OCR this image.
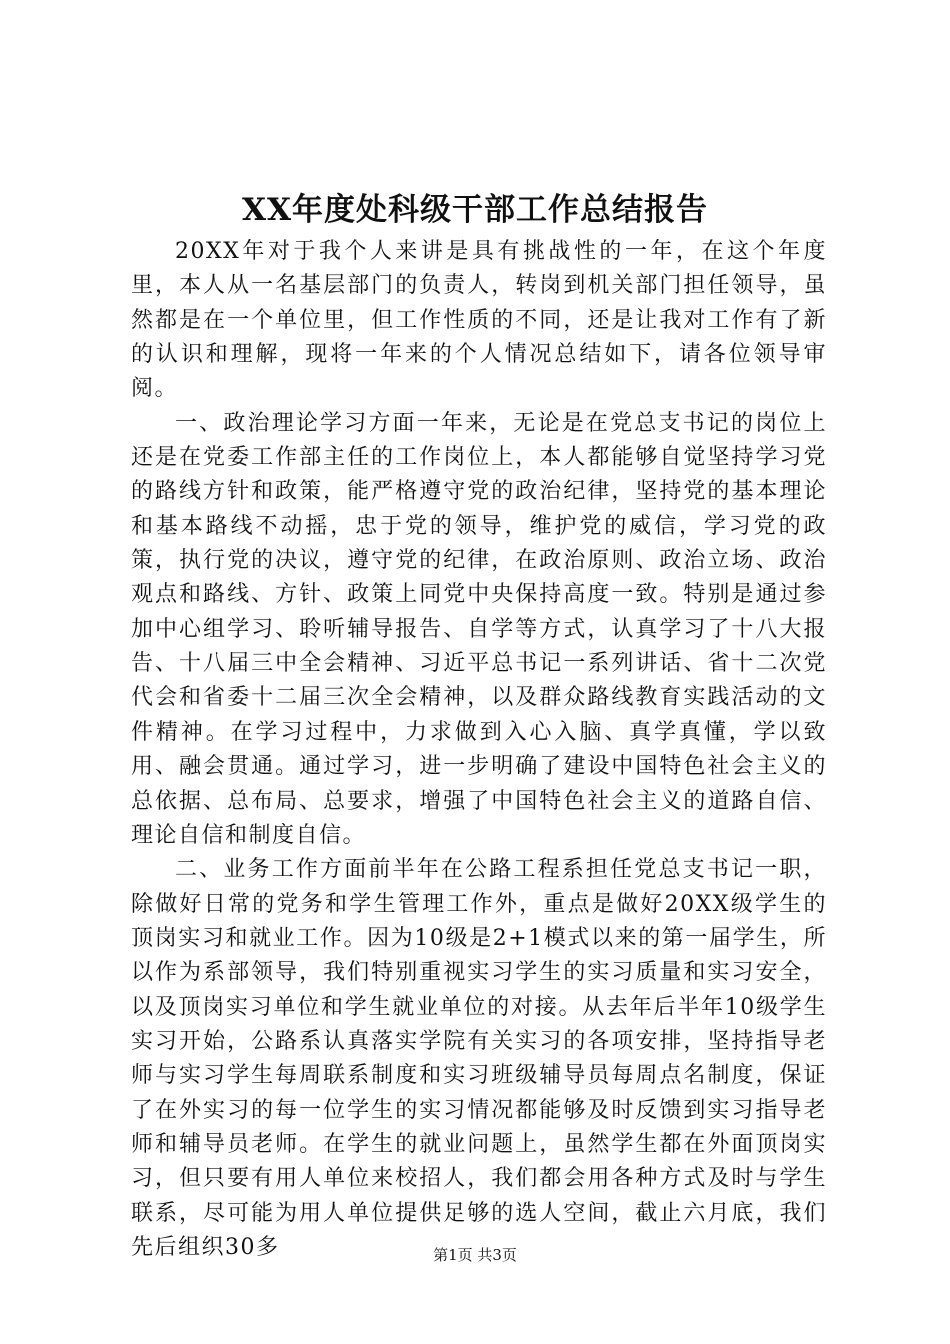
XX年度处科级干部工作总结报告

20XX年对于我个人来讲是具有挑战性的一年，在这个年度里，本人从一名基层部门的负责人，转岗到机关部门担任领导，虽然都是在一个单位里，但工作性质的不同，还是让我对工作有了新的认识和理解，现将一年来的个人情况总结如下，请各位领导审阅。

一、政治理论学习方面一年来，无论是在党总支书记的岗位上还是在党委工作部主任的工作岗位上，本人都能够自觉坚持学习党的路线方针和政策，能严格遵守党的政治纪律，坚持党的基本理论和基本路线不动摇，忠于党的领导，维护党的威信，学习党的政策，执行党的决议，遵守党的纪律，在政治原则、政治立场、政治观点和路线、方针、政策上同党中央保持高度一致。特别是通过参加中心组学习、聆听辅导报告、自学等方式，认真学习了十八大报告、十八届三中全会精神、习近平总书记一系列讲话、省十二次党代会和省委十二届三次全会精神，以及群众路线教育实践活动的文件精神。在学习过程中，力求做到入心入脑、真学真懂，学以致用、融会贯通。通过学习，进一步明确了建设中国特色社会主义的总依据、总布局、总要求，增强了中国特色社会主义的道路自信、理论自信和制度自信。

二、业务工作方面前半年在公路工程系担任党总支书记一职，除做好日常的党务和学生管理工作外，重点是做好20XX级学生的顶岗实习和就业工作。因为10级是2+1模式以来的第一届学生，所以作为系部领导，我们特别重视实习学生的实习质量和实习安全，以及顶岗实习单位和学生就业单位的对接。从去年后半年10级学生实习开始，公路系认真落实学院有关实习的各项安排，坚持指导老师与实习学生每周联系制度和实习班级辅导员每周点名制度，保证了在外实习的每一位学生的实习情况都能够及时反馈到实习指导老师和辅导员老师。在学生的就业问题上，虽然学生都在外面顶岗实习，但只要有用人单位来校招人，我们都会用各种方式及时与学生联系，尽可能为用人单位提供足够的选人空间，截止六月底，我们先后组织30多	第1页 共3页
